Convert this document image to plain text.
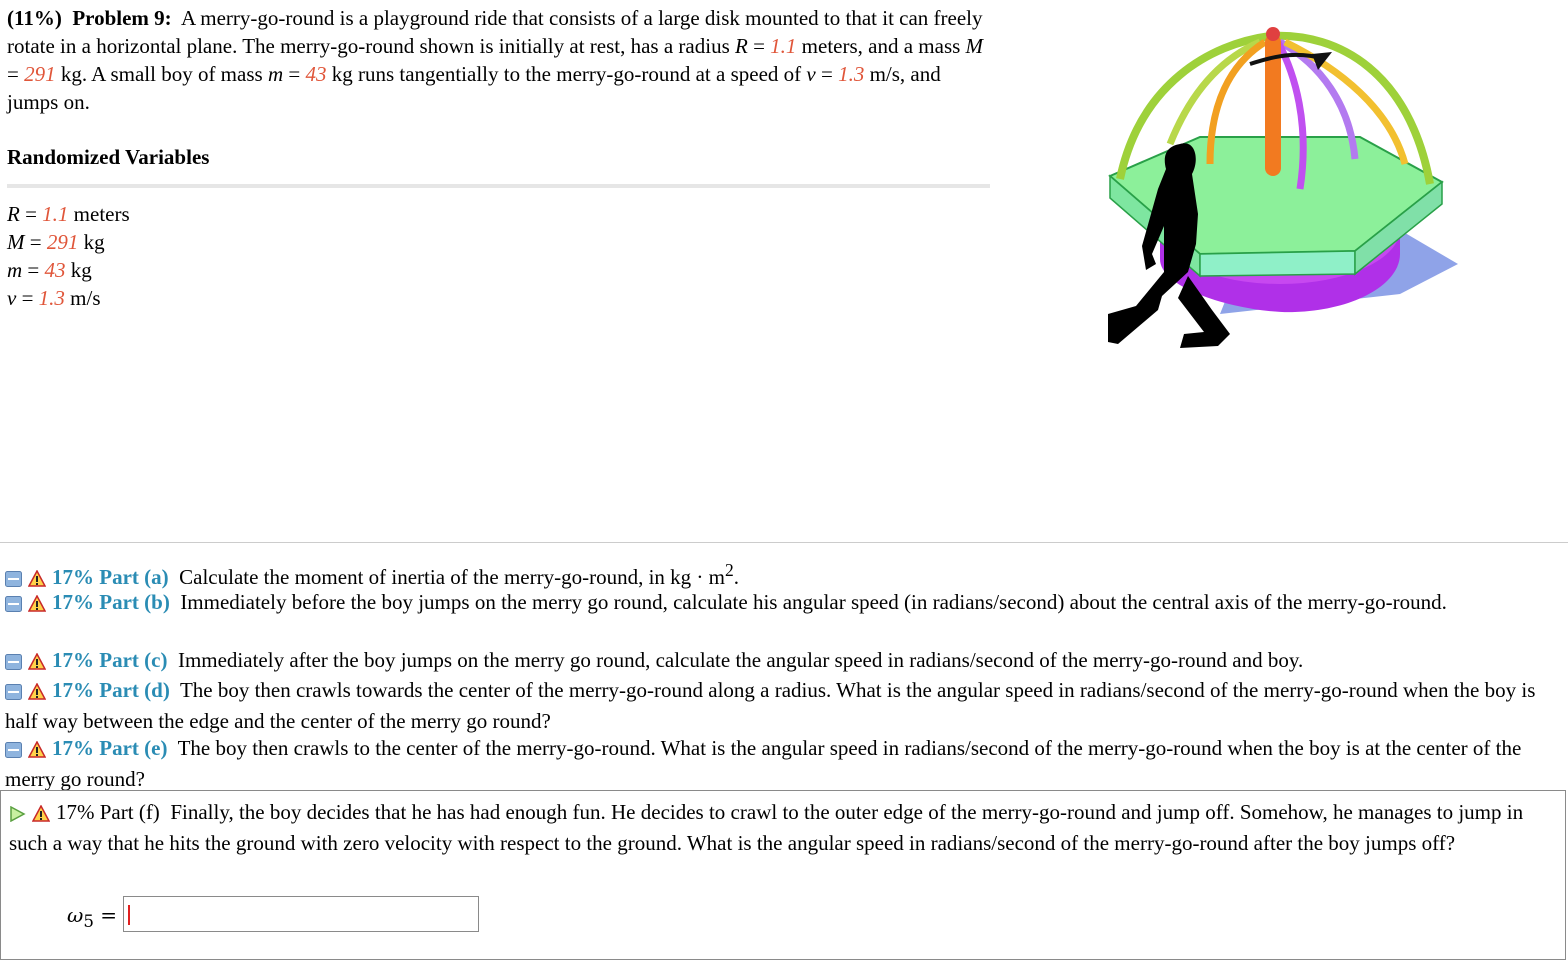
(11%) Problem 9: A merry-go-round is a playground ride that consists of a large disk mounted to that it can freely rotate in a horizontal plane. The merry-go-round shown is initially at rest, has a radius R = 1.1 meters, and a mass M = 291 kg. A small boy of mass m = 43 kg runs tangentially to the merry-go-round at a speed of v = 1.3 m/s, and jumps on.
Randomized Variables
R = 1.1 meters
M = 291 kg
m = 43 kg
v = 1.3 m/s
17% Part (a) Calculate the moment of inertia of the merry-go-round, in kg · $m^2$.
17% Part (b) Immediately before the boy jumps on the merry go round, calculate his angular speed (in radians/second) about the central axis of the merry-go-round.
17% Part (c) Immediately after the boy jumps on the merry go round, calculate the angular speed in radians/second of the merry-go-round and boy.
17% Part (d) The boy then crawls towards the center of the merry-go-round along a radius. What is the angular speed in radians/second of the merry-go-round when the boy is half way between the edge and the center of the merry go round?
17% Part (e) The boy then crawls to the center of the merry-go-round. What is the angular speed in radians/second of the merry-go-round when the boy is at the center of the merry go round?
17% Part (f) Finally, the boy decides that he has had enough fun. He decides to crawl to the outer edge of the merry-go-round and jump off. Somehow, he manages to jump in such a way that he hits the ground with zero velocity with respect to the ground. What is the angular speed in radians/second of the merry-go-round after the boy jumps off?
$\omega_5$ =
